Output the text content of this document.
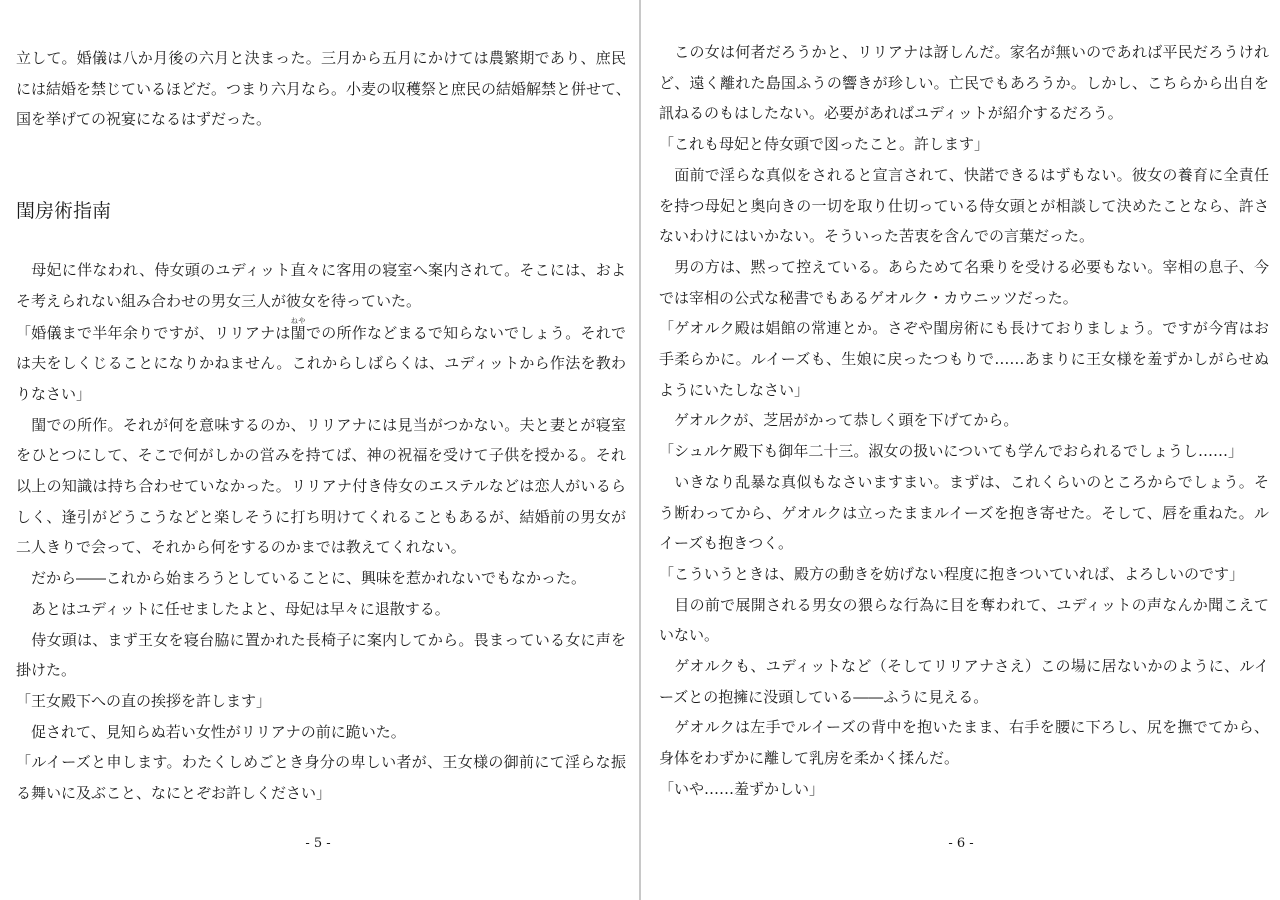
立して。婚儀は八か月後の六月と決まった。三月から五月にかけては農繁期であり、庶民
には結婚を禁じているほどだ。つまり六月なら。小麦の収穫祭と庶民の結婚解禁と併せて、
国を挙げての祝宴になるはずだった。
閨房術指南
　母妃に伴なわれ、侍女頭のユディット直々に客用の寝室へ案内されて。そこには、およ
そ考えられない組み合わせの男女三人が彼女を待っていた。
「婚儀まで半年余りですが、リリアナは閨ねやでの所作などまるで知らないでしょう。それで
は夫をしくじることになりかねません。これからしばらくは、ユディットから作法を教わ
りなさい」
　閨での所作。それが何を意味するのか、リリアナには見当がつかない。夫と妻とが寝室
をひとつにして、そこで何がしかの営みを持てば、神の祝福を受けて子供を授かる。それ
以上の知識は持ち合わせていなかった。リリアナ付き侍女のエステルなどは恋人がいるら
しく、逢引がどうこうなどと楽しそうに打ち明けてくれることもあるが、結婚前の男女が
二人きりで会って、それから何をするのかまでは教えてくれない。
　だから――これから始まろうとしていることに、興味を惹かれないでもなかった。
　あとはユディットに任せましたよと、母妃は早々に退散する。
　侍女頭は、まず王女を寝台脇に置かれた長椅子に案内してから。畏まっている女に声を
掛けた。
「王女殿下への直の挨拶を許します」
　促されて、見知らぬ若い女性がリリアナの前に跪いた。
「ルイーズと申します。わたくしめごとき身分の卑しい者が、王女様の御前にて淫らな振
る舞いに及ぶこと、なにとぞお許しください」
- 5 -
　この女は何者だろうかと、リリアナは訝しんだ。家名が無いのであれば平民だろうけれ
ど、遠く離れた島国ふうの響きが珍しい。亡民でもあろうか。しかし、こちらから出自を
訊ねるのもはしたない。必要があればユディットが紹介するだろう。
「これも母妃と侍女頭で図ったこと。許します」
　面前で淫らな真似をされると宣言されて、快諾できるはずもない。彼女の養育に全責任
を持つ母妃と奥向きの一切を取り仕切っている侍女頭とが相談して決めたことなら、許さ
ないわけにはいかない。そういった苦衷を含んでの言葉だった。
　男の方は、黙って控えている。あらためて名乗りを受ける必要もない。宰相の息子、今
では宰相の公式な秘書でもあるゲオルク・カウニッツだった。
「ゲオルク殿は娼館の常連とか。さぞや閨房術にも長けておりましょう。ですが今宵はお
手柔らかに。ルイーズも、生娘に戻ったつもりで……あまりに王女様を羞ずかしがらせぬ
ようにいたしなさい」
　ゲオルクが、芝居がかって恭しく頭を下げてから。
「シュルケ殿下も御年二十三。淑女の扱いについても学んでおられるでしょうし……」
　いきなり乱暴な真似もなさいますまい。まずは、これくらいのところからでしょう。そ
う断わってから、ゲオルクは立ったままルイーズを抱き寄せた。そして、唇を重ねた。ル
イーズも抱きつく。
「こういうときは、殿方の動きを妨げない程度に抱きついていれば、よろしいのです」
　目の前で展開される男女の猥らな行為に目を奪われて、ユディットの声なんか聞こえて
いない。
　ゲオルクも、ユディットなど（そしてリリアナさえ）この場に居ないかのように、ルイ
ーズとの抱擁に没頭している――ふうに見える。
　ゲオルクは左手でルイーズの背中を抱いたまま、右手を腰に下ろし、尻を撫でてから、
身体をわずかに離して乳房を柔かく揉んだ。
「いや……羞ずかしい」
- 6 -
